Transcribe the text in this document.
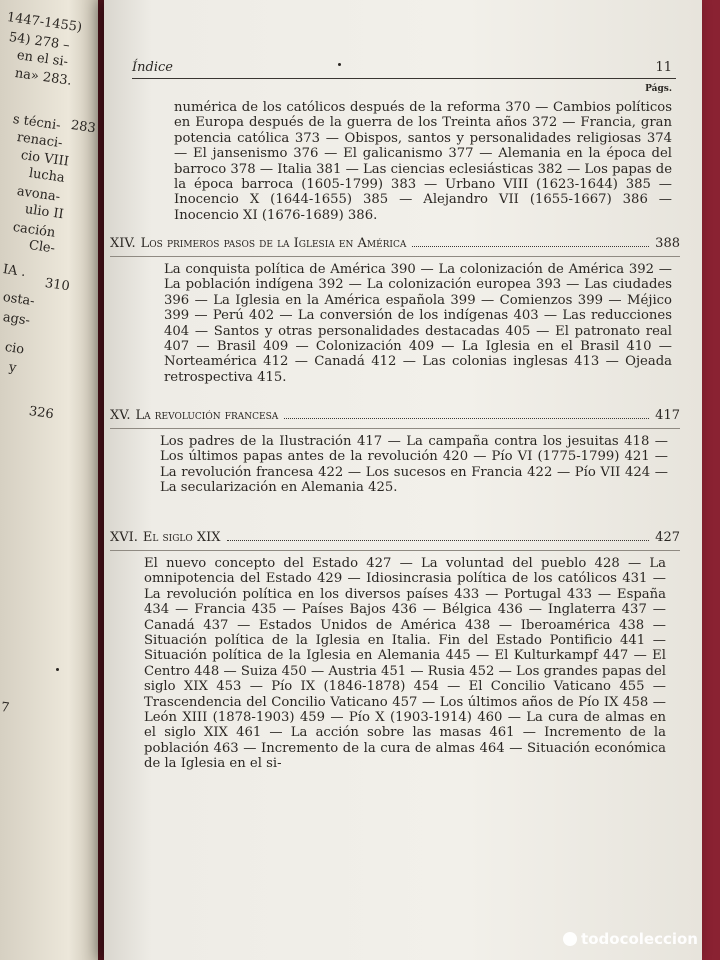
1447-1455)
54) 278 –
en el si-
na» 283.
s técni-
renaci-
cio VIII
lucha
avona-
ulio II
cación
Cle-
IA .
310
osta-
ags-
cio
y
326
7
283
Índice	11
Págs.
numérica de los católicos después de la reforma 370 — Cambios políticos en Europa después de la guerra de los Treinta años 372 — Francia, gran potencia católica 373 — Obispos, santos y personalidades religiosas 374 — El jansenismo 376 — El galicanismo 377 — Alemania en la época del barroco 378 — Italia 381 — Las ciencias eclesiásticas 382 — Los papas de la época barroca (1605-1799) 383 — Urbano VIII (1623-1644) 385 — Inocencio X (1644-1655) 385 — Alejandro VII (1655-1667) 386 — Inocencio XI (1676-1689) 386.
XIV. Los primeros pasos de la Iglesia en América	388
La conquista política de América 390 — La colonización de América 392 — La población indígena 392 — La colonización europea 393 — Las ciudades 396 — La Iglesia en la América española 399 — Comienzos 399 — Méjico 399 — Perú 402 — La conversión de los indígenas 403 — Las reducciones 404 — Santos y otras personalidades destacadas 405 — El patronato real 407 — Brasil 409 — Colonización 409 — La Iglesia en el Brasil 410 — Norteamérica 412 — Canadá 412 — Las colonias inglesas 413 — Ojeada retrospectiva 415.
XV. La revolución francesa	417
Los padres de la Ilustración 417 — La campaña contra los jesuitas 418 — Los últimos papas antes de la revolución 420 — Pío VI (1775-1799) 421 — La revolución francesa 422 — Los sucesos en Francia 422 — Pío VII 424 — La secularización en Alemania 425.
XVI. El siglo XIX	427
El nuevo concepto del Estado 427 — La voluntad del pueblo 428 — La omnipotencia del Estado 429 — Idiosincrasia política de los católicos 431 — La revolución política en los diversos países 433 — Portugal 433 — España 434 — Francia 435 — Países Bajos 436 — Bélgica 436 — Inglaterra 437 — Canadá 437 — Estados Unidos de América 438 — Iberoamérica 438 — Situación política de la Iglesia en Italia. Fin del Estado Pontificio 441 — Situación política de la Iglesia en Alemania 445 — El Kulturkampf 447 — El Centro 448 — Suiza 450 — Austria 451 — Rusia 452 — Los grandes papas del siglo XIX 453 — Pío IX (1846-1878) 454 — El Concilio Vaticano 455 — Trascendencia del Concilio Vaticano 457 — Los últimos años de Pío IX 458 — León XIII (1878-1903) 459 — Pío X (1903-1914) 460 — La cura de almas en el siglo XIX 461 — La acción sobre las masas 461 — Incremento de la población 463 — Incremento de la cura de almas 464 — Situación económica de la Iglesia en el si-
todocoleccion
